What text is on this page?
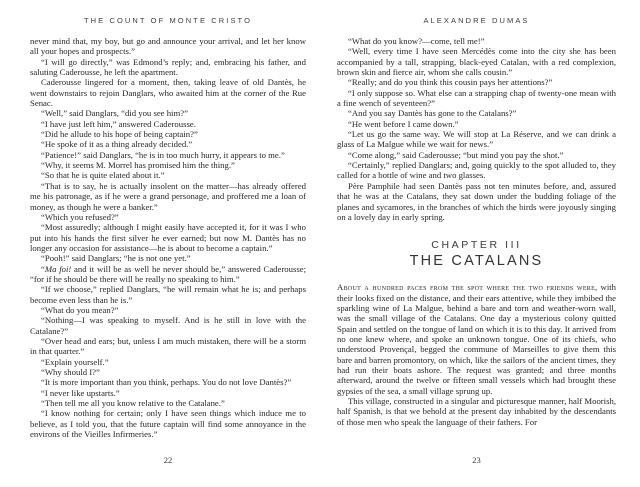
THE COUNT OF MONTE CRISTO

never mind that, my boy, but go and announce your arrival, and let her know all your hopes and prospects.”

“I will go directly,” was Edmond’s reply; and, embracing his father, and saluting Caderousse, he left the apartment.

Caderousse lingered for a moment, then, taking leave of old Dantès, he went downstairs to rejoin Danglars, who awaited him at the corner of the Rue Senac.

“Well,” said Danglars, “did you see him?”

“I have just left him,” answered Caderousse.

“Did he allude to his hope of being captain?”

“He spoke of it as a thing already decided.”

“Patience!” said Danglars, “he is in too much hurry, it appears to me.”

“Why, it seems M. Morrel has promised him the thing.”

“So that he is quite elated about it.”

“That is to say, he is actually insolent on the matter—has already offered me his patronage, as if he were a grand personage, and proffered me a loan of money, as though he were a banker.”

“Which you refused?”

“Most assuredly; although I might easily have accepted it, for it was I who put into his hands the first silver he ever earned; but now M. Dantès has no longer any occasion for assistance—he is about to become a captain.”

“Pooh!” said Danglars; “he is not one yet.”

“Ma foi! and it will be as well he never should be,” answered Caderousse; “for if he should be there will be really no speaking to him.”

“If we choose,” replied Danglars, “he will remain what he is; and perhaps become even less than he is.”

“What do you mean?”

“Nothing—I was speaking to myself. And is he still in love with the Catalane?”

“Over head and ears; but, unless I am much mistaken, there will be a storm in that quarter.”

“Explain yourself.”

“Why should I?”

“It is more important than you think, perhaps. You do not love Dantès?”

“I never like upstarts.”

“Then tell me all you know relative to the Catalane.”

“I know nothing for certain; only I have seen things which induce me to believe, as I told you, that the future captain will find some annoyance in the environs of the Vieilles Infirmeries.”

22
ALEXANDRE DUMAS

“What do you know?—come, tell me!”

“Well, every time I have seen Mercédès come into the city she has been accompanied by a tall, strapping, black-eyed Catalan, with a red complexion, brown skin and fierce air, whom she calls cousin.”

“Really; and do you think this cousin pays her attentions?”

“I only suppose so. What else can a strapping chap of twenty-one mean with a fine wench of seventeen?”

“And you say Dantès has gone to the Catalans?”

“He went before I came down.”

“Let us go the same way. We will stop at La Réserve, and we can drink a glass of La Malgue while we wait for news.”

“Come along,” said Caderousse; “but mind you pay the shot.”

“Certainly,” replied Danglars; and, going quickly to the spot alluded to, they called for a bottle of wine and two glasses.

Père Pamphile had seen Dantès pass not ten minutes before, and, assured that he was at the Catalans, they sat down under the budding foliage of the planes and sycamores, in the branches of which the birds were joyously singing on a lovely day in early spring.

CHAPTER III
THE CATALANS

About a hundred paces from the spot where the two friends were, with their looks fixed on the distance, and their ears attentive, while they imbibed the sparkling wine of La Malgue, behind a bare and torn and weather-worn wall, was the small village of the Catalans. One day a mysterious colony quitted Spain and settled on the tongue of land on which it is to this day. It arrived from no one knew where, and spoke an unknown tongue. One of its chiefs, who understood Provençal, begged the commune of Marseilles to give them this bare and barren promontory, on which, like the sailors of the ancient times, they had run their boats ashore. The request was granted; and three months afterward, around the twelve or fifteen small vessels which had brought these gypsies of the sea, a small village sprung up.

This village, constructed in a singular and picturesque manner, half Moorish, half Spanish, is that we behold at the present day inhabited by the descendants of those men who speak the language of their fathers. For

23
